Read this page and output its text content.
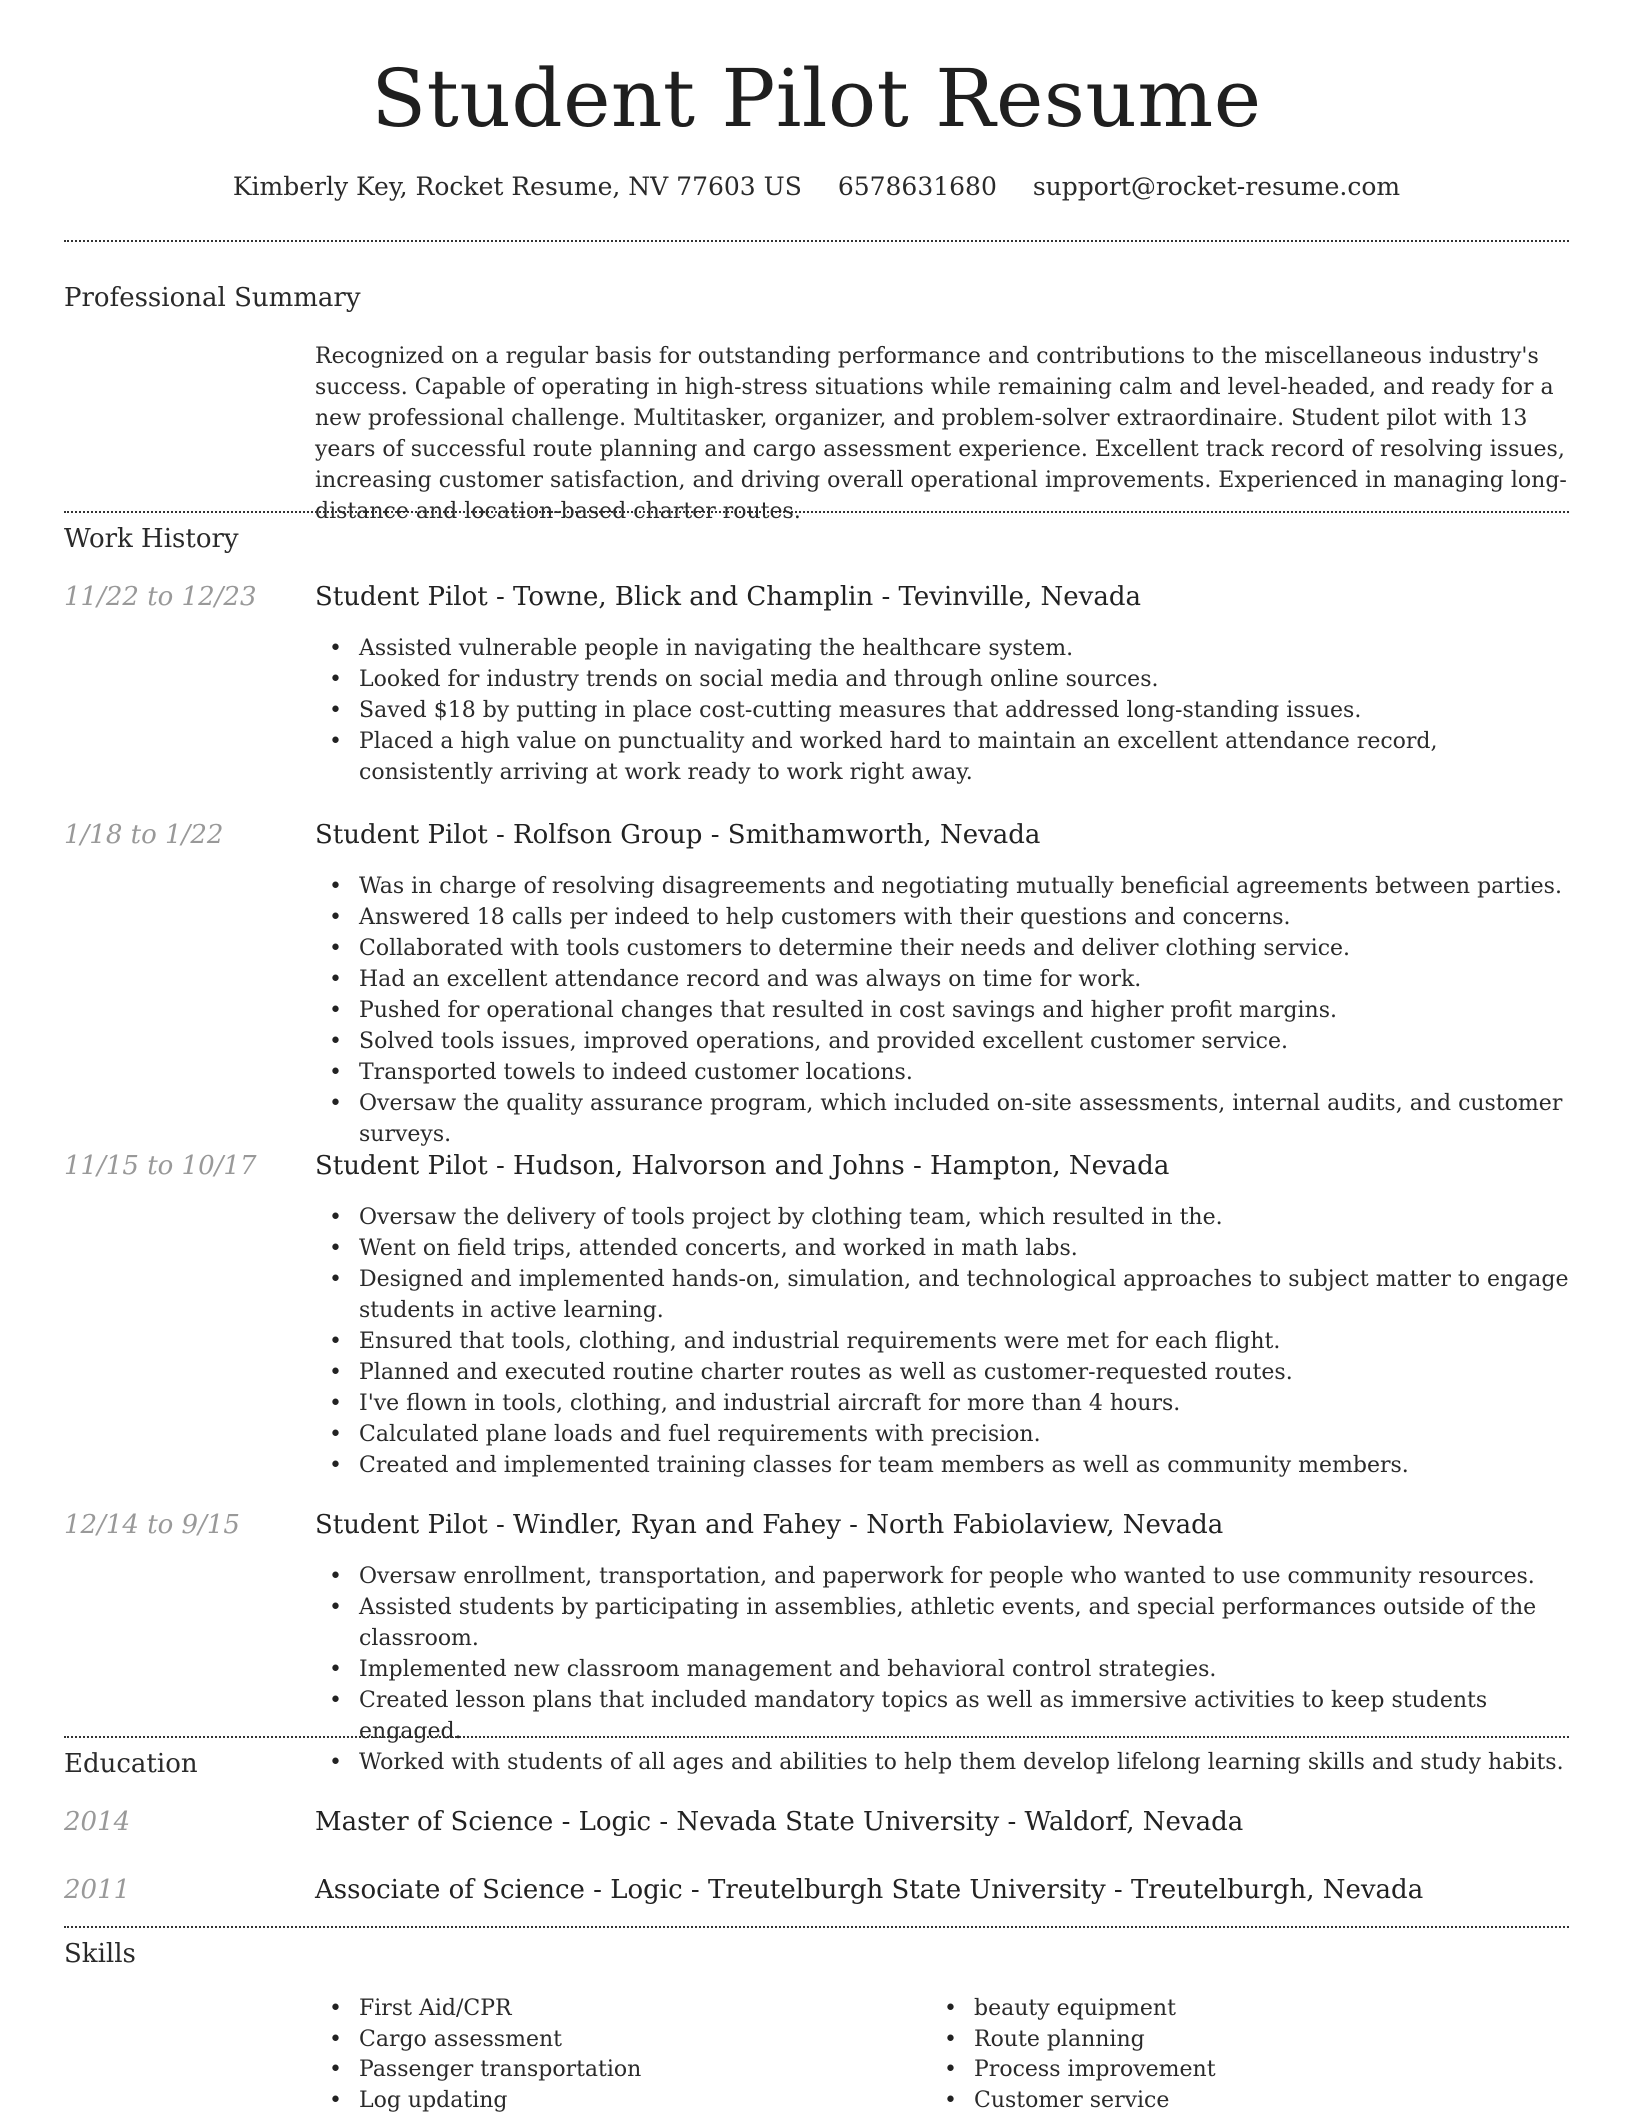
Student Pilot Resume
Kimberly Key, Rocket Resume, NV 77603 US 6578631680 support@rocket-resume.com
Professional Summary

Recognized on a regular basis for outstanding performance and contributions to the miscellaneous industry's success. Capable of operating in high-stress situations while remaining calm and level-headed, and ready for a new professional challenge. Multitasker, organizer, and problem-solver extraordinaire. Student pilot with 13 years of successful route planning and cargo assessment experience. Excellent track record of resolving issues, increasing customer satisfaction, and driving overall operational improvements. Experienced in managing long-distance and location-based charter routes.

Work History
11/22 to 12/23 Student Pilot - Towne, Blick and Champlin - Tevinville, Nevada
• Assisted vulnerable people in navigating the healthcare system.
• Looked for industry trends on social media and through online sources.
• Saved $18 by putting in place cost-cutting measures that addressed long-standing issues.
• Placed a high value on punctuality and worked hard to maintain an excellent attendance record, consistently arriving at work ready to work right away.
1/18 to 1/22	Student Pilot - Rolfson Group - Smithamworth, Nevada
• Was in charge of resolving disagreements and negotiating mutually beneficial agreements between parties.
• Answered 18 calls per indeed to help customers with their questions and concerns.
• Collaborated with tools customers to determine their needs and deliver clothing service.
• Had an excellent attendance record and was always on time for work.
• Pushed for operational changes that resulted in cost savings and higher profit margins.
• Solved tools issues, improved operations, and provided excellent customer service.
• Transported towels to indeed customer locations.
• Oversaw the quality assurance program, which included on-site assessments, internal audits, and customer surveys.
11/15 to 10/17 Student Pilot - Hudson, Halvorson and Johns - Hampton, Nevada
• Oversaw the delivery of tools project by clothing team, which resulted in the.
• Went on field trips, attended concerts, and worked in math labs.
• Designed and implemented hands-on, simulation, and technological approaches to subject matter to engage students in active learning.
• Ensured that tools, clothing, and industrial requirements were met for each flight.
• Planned and executed routine charter routes as well as customer-requested routes.
• I've flown in tools, clothing, and industrial aircraft for more than 4 hours.
• Calculated plane loads and fuel requirements with precision.
• Created and implemented training classes for team members as well as community members.
12/14 to 9/15	Student Pilot - Windler, Ryan and Fahey - North Fabiolaview, Nevada
• Oversaw enrollment, transportation, and paperwork for people who wanted to use community resources.
• Assisted students by participating in assemblies, athletic events, and special performances outside of the classroom.
• Implemented new classroom management and behavioral control strategies.
• Created lesson plans that included mandatory topics as well as immersive activities to keep students engaged.
• Worked with students of all ages and abilities to help them develop lifelong learning skills and study habits.
Education
2014	Master of Science - Logic - Nevada State University - Waldorf, Nevada
2011	Associate of Science - Logic - Treutelburgh State University - Treutelburgh, Nevada
Skills
• First Aid/CPR
• Cargo assessment
• Passenger transportation
• Log updating
• beauty equipment
• Route planning
• Process improvement
• Customer service
